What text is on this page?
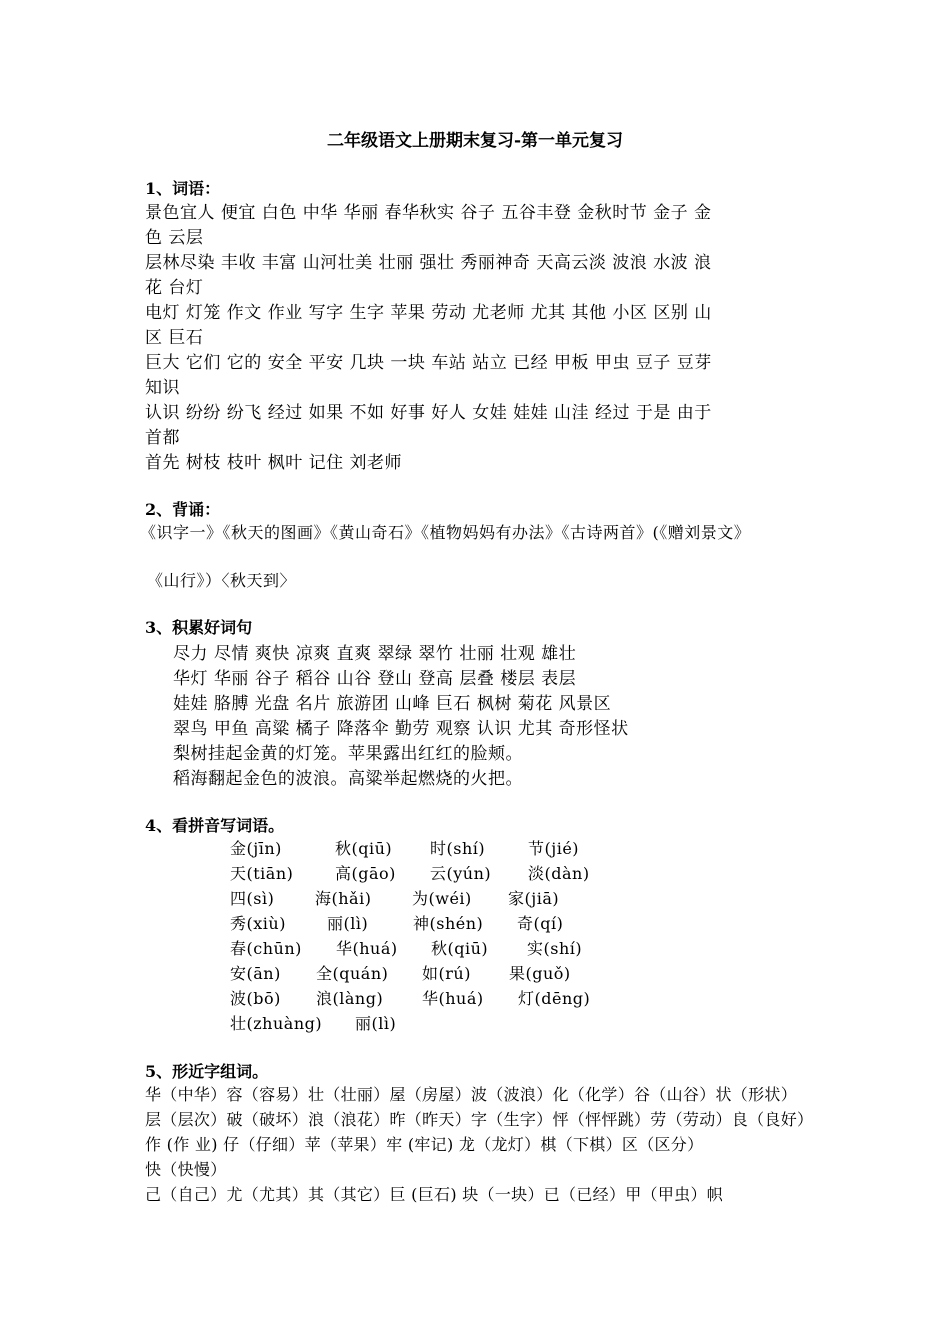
二年级语文上册期末复习-第一单元复习
1、词语：
景色宜人 便宜 白色 中华 华丽 春华秋实 谷子 五谷丰登 金秋时节 金子 金
色 云层
层林尽染 丰收 丰富 山河壮美 壮丽 强壮 秀丽神奇 天高云淡 波浪 水波 浪
花 台灯
电灯 灯笼 作文 作业 写字 生字 苹果 劳动 尤老师 尤其 其他 小区 区别 山
区 巨石
巨大 它们 它的 安全 平安 几块 一块 车站 站立 已经 甲板 甲虫 豆子 豆芽
知识
认识 纷纷 纷飞 经过 如果 不如 好事 好人 女娃 娃娃 山洼 经过 于是 由于
首都
首先 树枝 枝叶 枫叶 记住 刘老师
2、背诵：
《识字一》《秋天的图画》《黄山奇石》《植物妈妈有办法》《古诗两首》(《赠刘景文》
《山行》）〈秋天到〉
3、积累好词句
尽力 尽情 爽快 凉爽 直爽 翠绿 翠竹 壮丽 壮观 雄壮
华灯 华丽 谷子 稻谷 山谷 登山 登高 层叠 楼层 表层
娃娃 胳膊 光盘 名片 旅游团 山峰 巨石 枫树 菊花 风景区
翠鸟 甲鱼 高粱 橘子 降落伞 勤劳 观察 认识 尤其 奇形怪状
梨树挂起金黄的灯笼。苹果露出红红的脸颊。
稻海翻起金色的波浪。高粱举起燃烧的火把。
4、看拼音写词语。
金(jīn)	秋(qiū) 时(shí)	节(jié)
天(tiān)	高(gāo) 云(yún) 淡(dàn)
四(sì)	海(hǎi)	为(wéi) 家(jiā)
秀(xiù)	丽(lì)	神(shén) 奇(qí)
春(chūn) 华(huá) 秋(qiū) 实(shí)
安(ān) 全(quán) 如(rú) 果(guǒ)
波(bō) 浪(làng) 华(huá) 灯(dēng)
壮(zhuàng) 丽(lì)
5、形近字组词。
华（中华）容（容易）壮（壮丽）屋（房屋）波（波浪）化（化学）谷（山谷）状（形状）
层（层次）破（破坏）浪（浪花）昨（昨天）字（生字）怦（怦怦跳）劳（劳动）良（良好）
作 (作 业) 仔（仔细）苹（苹果）牢 (牢记) 龙（龙灯）棋（下棋）区（区分）
快（快慢）
己（自己）尤（尤其）其（其它）巨 (巨石) 块（一块）已（已经）甲（甲虫）帜
